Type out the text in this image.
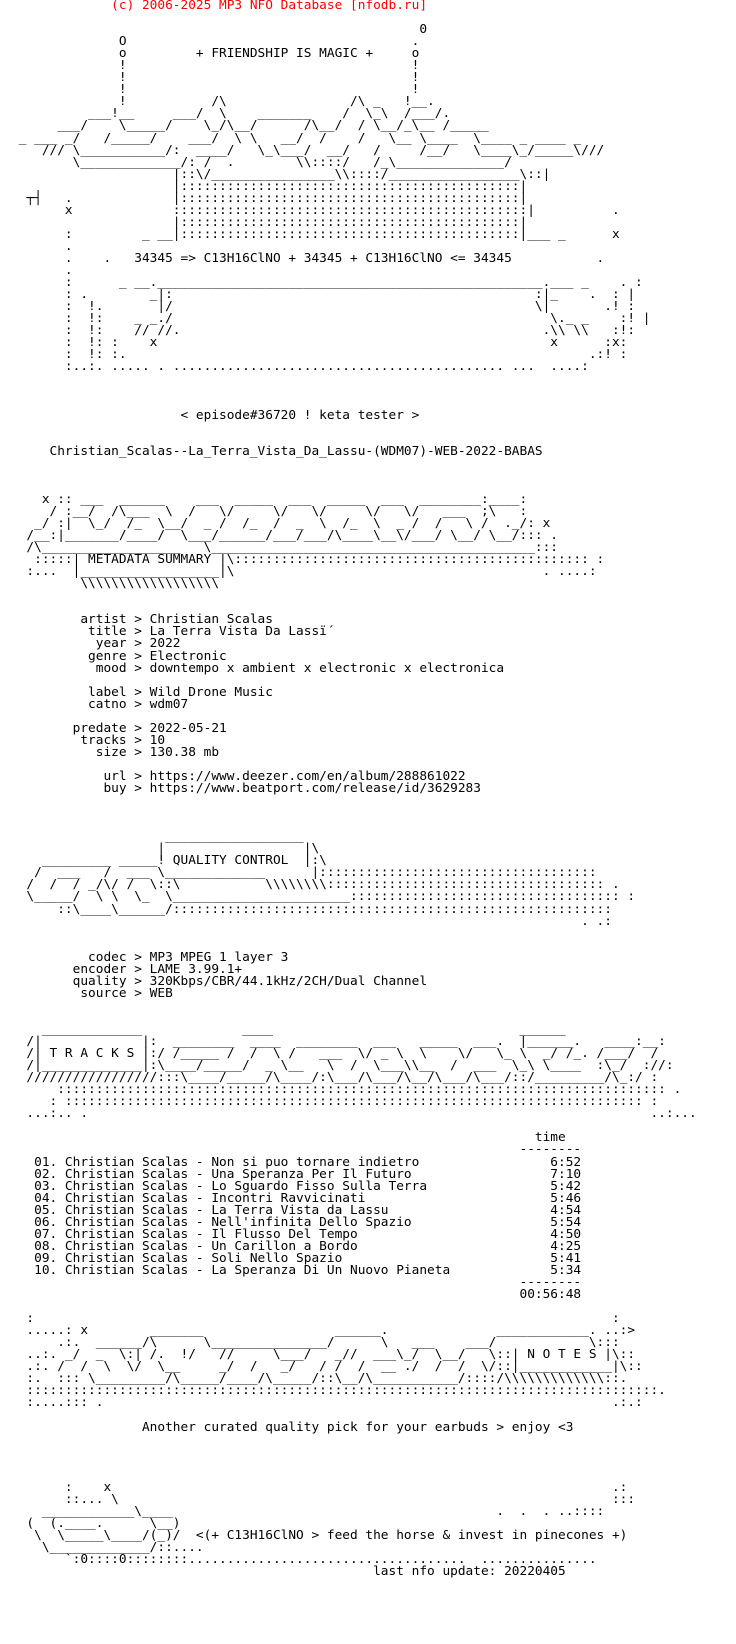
(c) 2006-2025 MP3 NFO Database [nfodb.ru]

0
O                                     .
o         + FRIENDSHIP IS MAGIC +     o
!                                     !
!                                     !
!                                     !
!           /\                /\ _   !__.
___!__     ___/  \    _______    /  \_\  /___/.
___/    \_____/    \_/\__/      /\__/  / \__/_\__ /_____
_ ___ _/   /_____/    ___/  \ \   __/  /    /   \__ \____  \____ _ ____ _
/// \___________/:  ____/   \_\___/  __/   /     /__/   \____\_/_____\///
\_____________/: /  .        \\::::/   /_\______________/
|::\/________________\\::::/_________________\::|
|::::::::::::::::::::::::::::::::::::::::::::|
┬┤   .             |::::::::::::::::::::::::::::::::::::::::::::|
x             ::::::::::::::::::::::::::::::::::::::::::::::|          .
|::::::::::::::::::::::::::::::::::::::::::::|
:         _ __|::::::::::::::::::::::::::::::::::::::::::::|___ _      x
.
.    .   34345 => C13H16ClNO + 34345 + C13H16ClNO <= 34345           .
.
:      _ __.__________________________________________________.___ _    . :
: .        _|:                                               :|_    .  : |
:  !.       |/                                               \|       .! :
:  !:    _ _./                                                 \._ _    :! |
:  !:    // //.                                               .\\ \\   :!:
:  !: :    x                                                   x      :x:
:  !: :.                                                            .:! :
:..:. ..... . ........................................... ...  ....:

< episode#36720 ! keta tester >

Christian_Scalas--La_Terra_Vista_Da_Lassu-(WDM07)-WEB-2022-BABAS

x :: ___  ______    ___  _____  ___  _____  ___  ________:____:
/ :__/  /\___  \  /   \/     \/   \/     \/   \/   ___  ;\   :
_/ :|  \_/  /_  \__/  _ /  /_  /  _  \  /_  \  _ /  /   \ /  ._/: x
/__:|_______/____/  \___/______/___/___/\____\__\/___/ \__/ \__/::: .
/\__________________   \__________________________________________:::
:::::| METADATA SUMMARY |\:::::::::::::::::::::::::::::::::::::::::::::: :
:...  |__________________|\                                        . ....:
\\\\\\\\\\\\\\\\\\

artist > Christian Scalas
title > La Terra Vista Da Lassḯ
year > 2022
genre > Electronic
mood > downtempo x ambient x electronic x electronica

label > Wild Drone Music
catno > wdm07

predate > 2022-05-21
tracks > 10
size > 130.38 mb

url > https://www.deezer.com/en/album/288861022
buy > https://www.beatport.com/release/id/3629283

__________________
|                  |\
_________ _____! QUALITY CONTROL  |:\
/  ___   /  ___ \_____________      |::::::::::::::::::::::::::::::::::::
/  /  / _/\/ /  \::\           \\\\\\\\:::::::::::::::::::::::::::::::::::: .
\_____/  \ \  \_  \_______________________::::::::::::::::::::::::::::::::::: :
::\____\______/:::::::::::::::::::::::::::::::::::::::::::::::::::::::::
. .:

codec > MP3 MPEG 1 layer 3
encoder > LAME 3.99.1+
quality > 320Kbps/CBR/44.1kHz/2CH/Dual Channel
source > WEB

_____________             ____                                ______
/|             |:  ________  ____  ________  ___   _____  ___.  |______.   ____:__:
/| T R A C K S |:/ /_____ /  /  \ /   ___  \/ _ \  \    \/   \_ \  _/ /_. /___/  /
/|_____________|:\____/_____/  _ \__   \  /  \___\\__  /  ___  \_\ \____  :\_/  ://:
/////////////////:::\____/_____/\____/:\___/\___/\__/\___/\___/::/_________/\_:/ :
::::::::::::::::::::::::::::::::::::::::::::::::::::::::::::::::::::::::::::::: .
: ::::::::::::::::::::::::::::::::::::::::::::::::::::::::::::::::::::::::::: :
...:.. .                                                                         ..:...

time
--------
01. Christian Scalas - Non si puo tornare indietro                 6:52
02. Christian Scalas - Una Speranza Per Il Futuro                  7:10
03. Christian Scalas - Lo Sguardo Fisso Sulla Terra                5:42
04. Christian Scalas - Incontri Ravvicinati                        5:46
05. Christian Scalas - La Terra Vista da Lassu                     4:54
06. Christian Scalas - Nell'infinita Dello Spazio                  5:54
07. Christian Scalas - Il Flusso Del Tempo                         4:50
08. Christian Scalas - Un Carillon a Bordo                         4:25
09. Christian Scalas - Soli Nello Spazio                           5:41
10. Christian Scalas - La Speranza Di Un Nuovo Pianeta             5:34
--------
00:56:48

:                                                                           :
.....: x        _______                 ______.              ____________. ..:>
.:.  ______/\      \_______________/      \   ___    ___/            \:::
..:. _/  _  \:| /.  !/   //     \___/   _//  ___\_/  \__/   \::| N O T E S |\::
.:. /  /  \  \/  \__     _/  /   _/   / /  /  __ ./  /  /  \/::|____________|\::
:.  ::: \_________/\_____/____/\_____/::\__/\___________/::::/\\\\\\\\\\\\\::.
::::::::::::::::::::::::::::::::::::::::::::::::::::::::::::::::::::::::::::::::::.
:....::: .                                                                  .:.:

Another curated quality pick for your earbuds > enjoy <3

:    x                                                                 .:
::... \                                                                :::
____________\____                                          .  .  . ..::::
(  (.____.      \__)
\  \_____\____/(_)/  <(+ C13H16ClNO > feed the horse & invest in pinecones +)
\_____________/::....
`:0::::0::::::::....................................  ...............
last nfo update: 20220405
